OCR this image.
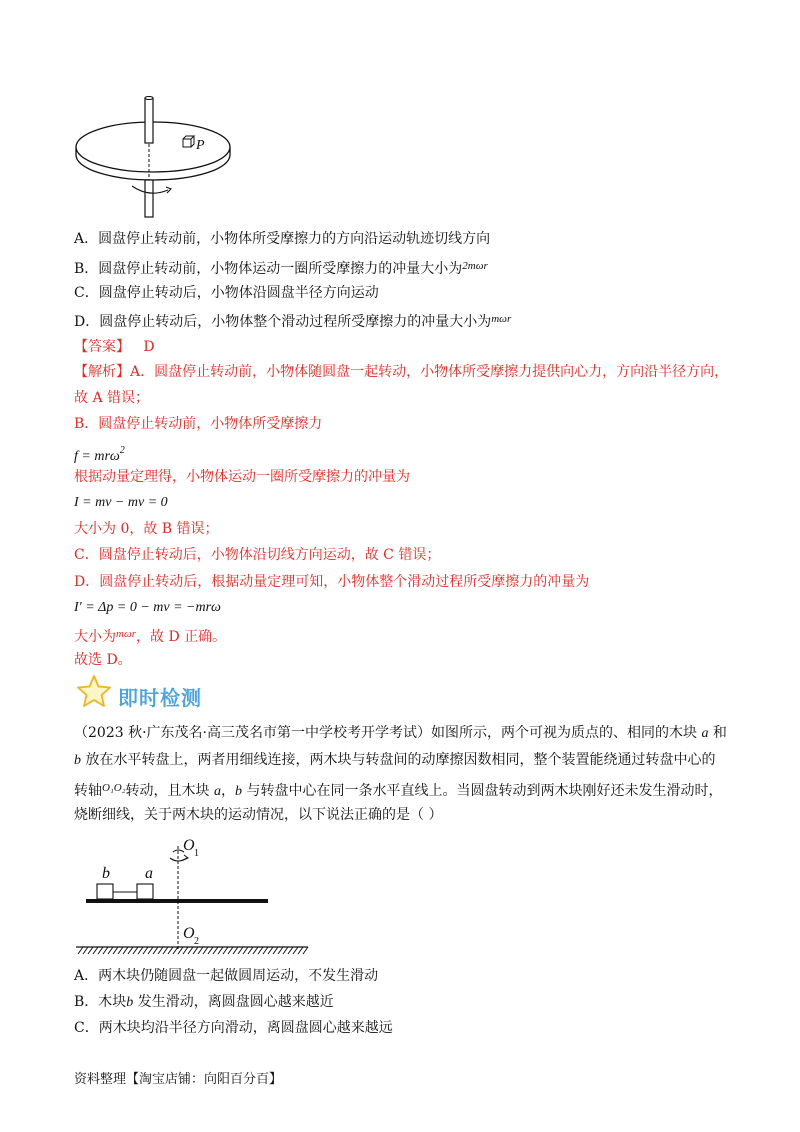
P
A．圆盘停止转动前，小物体所受摩擦力的方向沿运动轨迹切线方向
B．圆盘停止转动前，小物体运动一圈所受摩擦力的冲量大小为$^{2m\omega r}$
C．圆盘停止转动后，小物体沿圆盘半径方向运动
D．圆盘停止转动后，小物体整个滑动过程所受摩擦力的冲量大小为$^{m\omega r}$
【答案】 D
【解析】A．圆盘停止转动前，小物体随圆盘一起转动，小物体所受摩擦力提供向心力，方向沿半径方向，
故 A 错误；
B．圆盘停止转动前，小物体所受摩擦力
f = mrω$^2$
根据动量定理得，小物体运动一圈所受摩擦力的冲量为
I = mv − mv = 0
大小为 0，故 B 错误；
C．圆盘停止转动后，小物体沿切线方向运动，故 C 错误；
D．圆盘停止转动后，根据动量定理可知，小物体整个滑动过程所受摩擦力的冲量为
I′ = Δp = 0 − mv = −mrω
大小为$^{m\omega r}$，故 D 正确。
故选 D。
即时检测
（2023 秋·广东茂名·高三茂名市第一中学校考开学考试）如图所示，两个可视为质点的、相同的木块 a 和
b 放在水平转盘上，两者用细线连接，两木块与转盘间的动摩擦因数相同，整个装置能绕通过转盘中心的
转轴$^{O_1O_2}$转动，且木块 a，b 与转盘中心在同一条水平直线上。当圆盘转动到两木块刚好还未发生滑动时，
烧断细线，关于两木块的运动情况，以下说法正确的是（ ）
b a
O 1
O 2
A．两木块仍随圆盘一起做圆周运动，不发生滑动
B．木块b 发生滑动，离圆盘圆心越来越近
C．两木块均沿半径方向滑动，离圆盘圆心越来越远
资料整理【淘宝店铺：向阳百分百】
